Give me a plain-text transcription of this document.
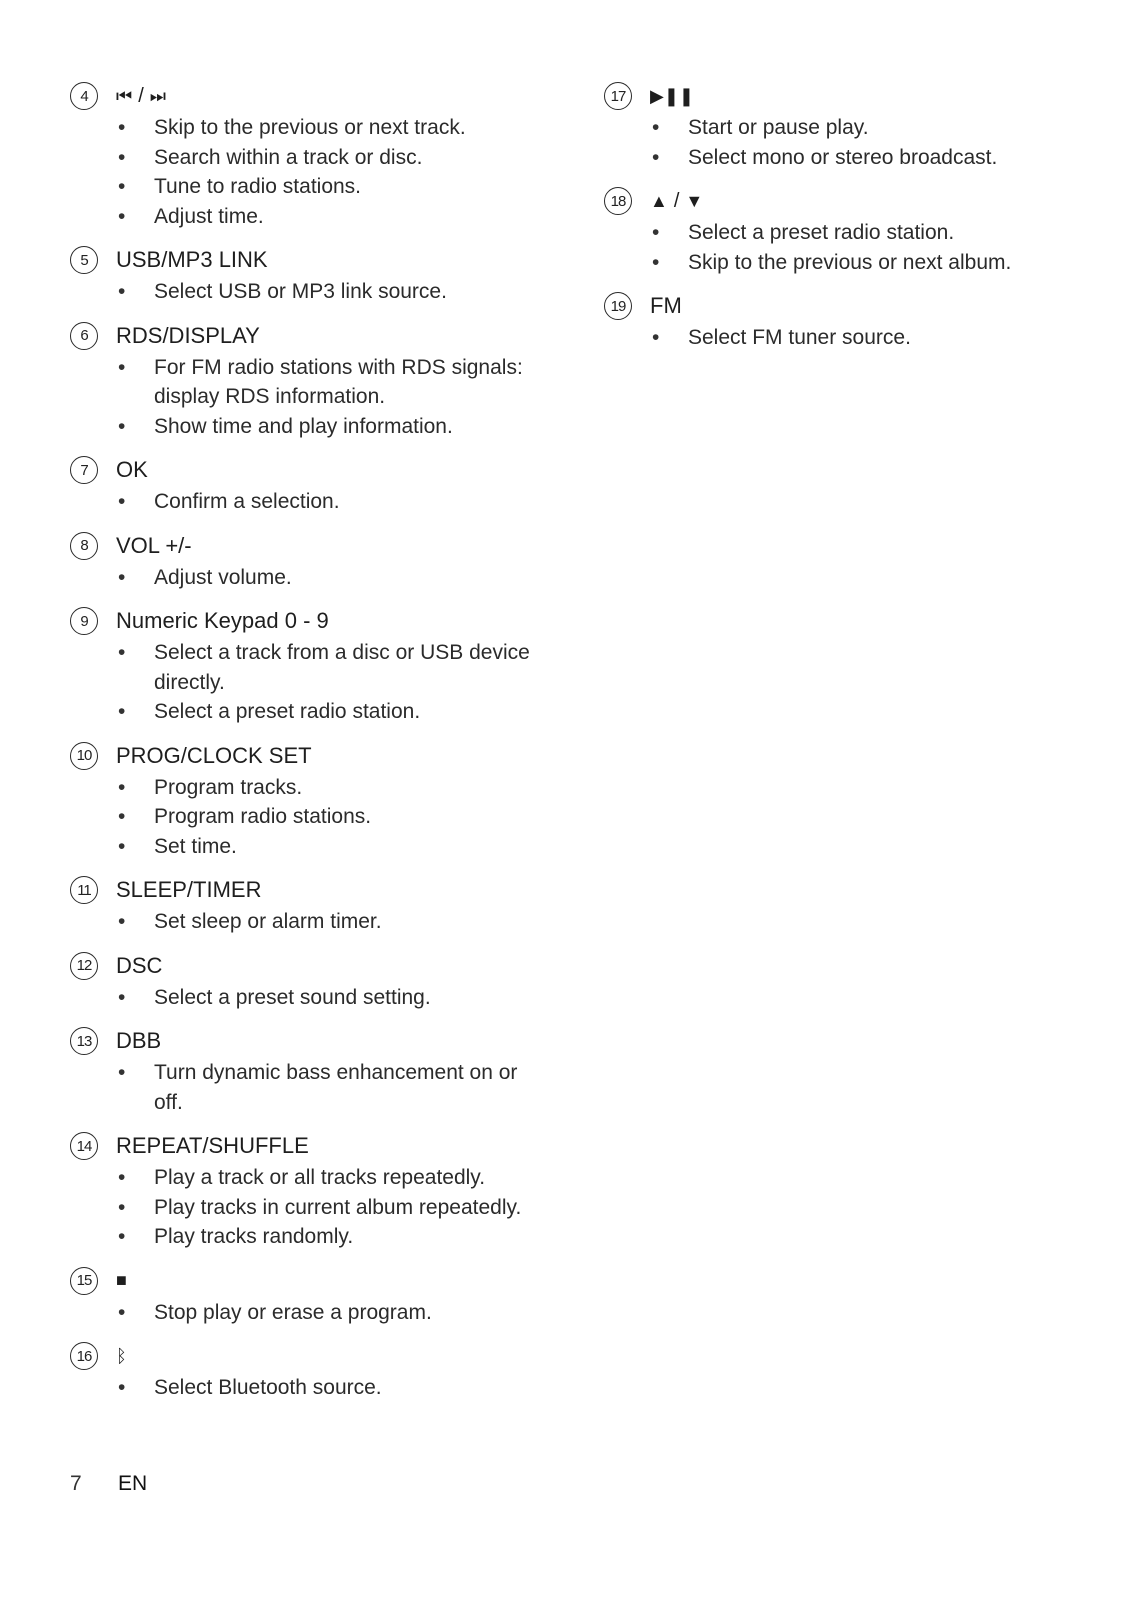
4	⏮ / ⏭
• Skip to the previous or next track.
• Search within a track or disc.
• Tune to radio stations.
• Adjust time.
5	USB/MP3 LINK
• Select USB or MP3 link source.
6	RDS/DISPLAY
• For FM radio stations with RDS signals: display RDS information.
• Show time and play information.
7	OK
• Confirm a selection.
8	VOL +/-
• Adjust volume.
9	Numeric Keypad 0 - 9
• Select a track from a disc or USB device directly.
• Select a preset radio station.
10	PROG/CLOCK SET
• Program tracks.
• Program radio stations.
• Set time.
11	SLEEP/TIMER
• Set sleep or alarm timer.
12	DSC
• Select a preset sound setting.
13	DBB
• Turn dynamic bass enhancement on or off.
14	REPEAT/SHUFFLE
• Play a track or all tracks repeatedly.
• Play tracks in current album repeatedly.
• Play tracks randomly.
15	■
• Stop play or erase a program.
16	ᛒ
• Select Bluetooth source.
17	▶❚❚
• Start or pause play.
• Select mono or stereo broadcast.
18	▲ / ▼
• Select a preset radio station.
• Skip to the previous or next album.
19	FM
• Select FM tuner source.
7	EN
